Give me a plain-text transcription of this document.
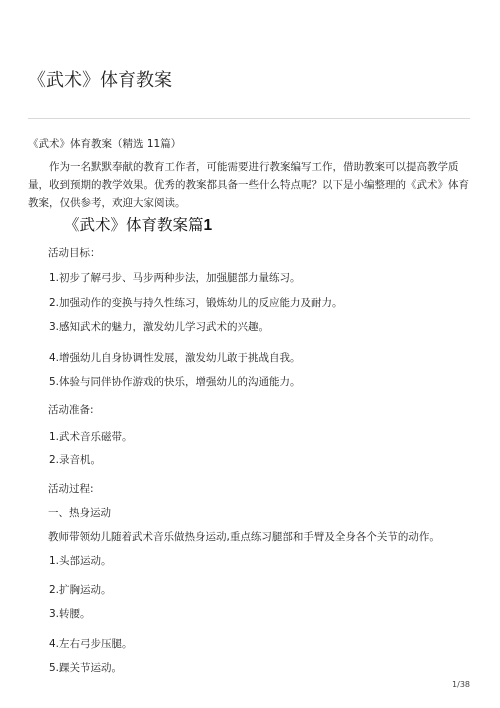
《武术》体育教案
《武术》体育教案（精选 11篇）
作为一名默默奉献的教育工作者，可能需要进行教案编写工作，借助教案可以提高教学质量，收到预期的教学效果。优秀的教案都具备一些什么特点呢？以下是小编整理的《武术》体育教案，仅供参考，欢迎大家阅读。
《武术》体育教案篇1
活动目标：
1.初步了解弓步、马步两种步法，加强腿部力量练习。
2.加强动作的变换与持久性练习，锻炼幼儿的反应能力及耐力。
3.感知武术的魅力，激发幼儿学习武术的兴趣。
4.增强幼儿自身协调性发展，激发幼儿敢于挑战自我。
5.体验与同伴协作游戏的快乐，增强幼儿的沟通能力。
活动准备:
1.武术音乐磁带。
2.录音机。
活动过程:
一、热身运动
教师带领幼儿随着武术音乐做热身运动,重点练习腿部和手臂及全身各个关节的动作。
1.头部运动。
2.扩胸运动。
3.转腰。
4.左右弓步压腿。
5.踝关节运动。
1/38
